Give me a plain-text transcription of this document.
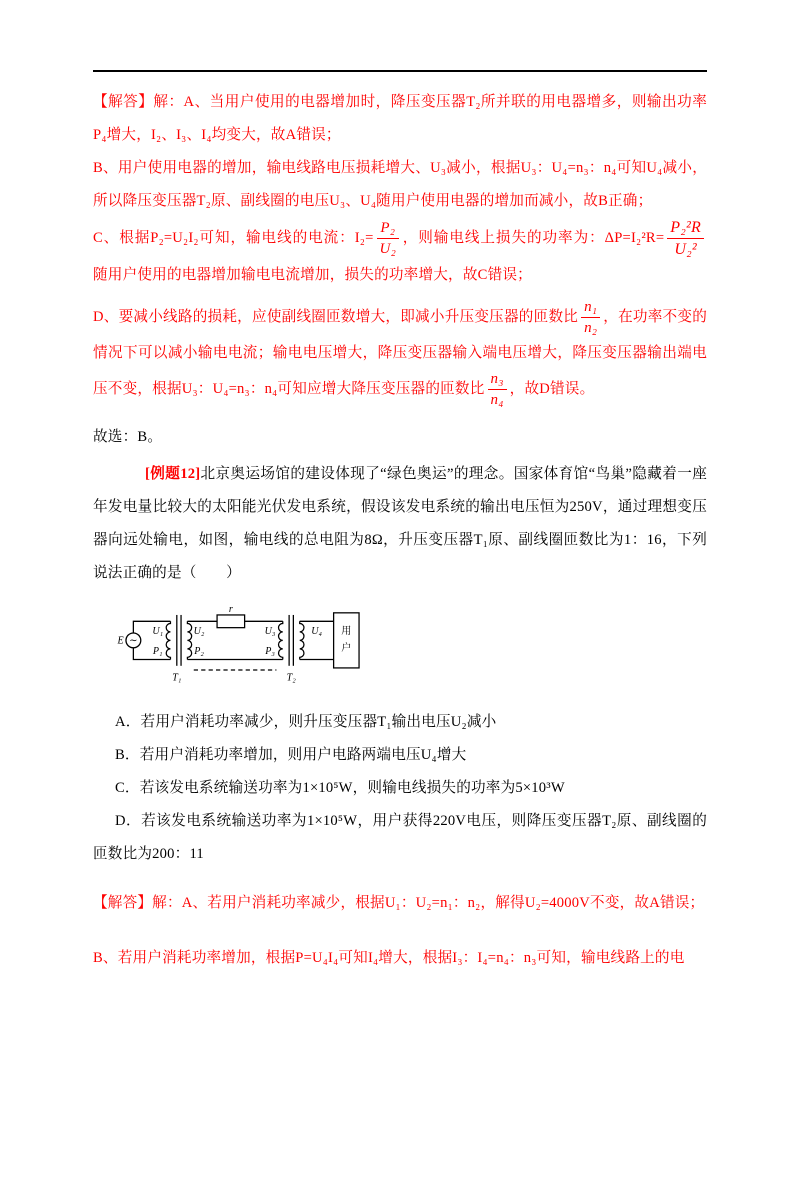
【解答】解：A、当用户使用的电器增加时，降压变压器T₂所并联的用电器增多，则输出功率P₄增大，I₂、I₃、I₄均变大，故A错误；

B、用户使用电器的增加，输电线路电压损耗增大、U₃减小，根据U₃：U₄=n₃：n₄可知U₄减小，所以降压变压器T₂原、副线圈的电压U₃、U₄随用户使用电器的增加而减小，故B正确；

C、根据P₂=U₂I₂可知，输电线的电流：$I_2= \frac{\text{P₂}}{\text{U₂}}$ ，则输电线上损失的功率为：$\Delta P=I_2^2R= \frac{\text{P₂²R}}{\text{U₂²}}$
　随用户使用的电器增加输电电流增加，损失的功率增大，故C错误；

D、要减小线路的损耗，应使副线圈匝数增大，即减小升压变压器的匝数比 $\frac{\text{n₁}}{\text{n₂}}$ ，在功率不变的情况下可以减小输电电流；输电电压增大，降压变压器输入端电压增大，降压变压器输出端电压不变，根据U₃：U₄=n₃：n₄可知应增大降压变压器的匝数比 $\frac{\text{n₃}}{\text{n₄}}$ ，故D错误。

故选：B。

[例题12]北京奥运场馆的建设体现了“绿色奥运”的理念。国家体育馆“鸟巢”隐藏着一座年发电量比较大的太阳能光伏发电系统，假设该发电系统的输出电压恒为250V，通过理想变压器向远处输电，如图，输电线的总电阻为8Ω，升压变压器T₁原、副线圈匝数比为1：16，下列说法正确的是（　　）

E ∼
U₁
P₁
U₂
P₂
r
U₃
P₃
U₄ 用
户
T₁	T₂

A．若用户消耗功率减少，则升压变压器T₁输出电压U₂减小

B．若用户消耗功率增加，则用户电路两端电压U₄增大

C．若该发电系统输送功率为1×10⁵W，则输电线损失的功率为5×10³W

D．若该发电系统输送功率为1×10⁵W，用户获得220V电压，则降压变压器T₂原、副线圈的匝数比为200：11

【解答】解：A、若用户消耗功率减少，根据U₁：U₂=n₁：n₂，解得U₂=4000V不变，故A错误；

B、若用户消耗功率增加，根据P=U₄I₄可知I₄增大，根据I₃：I₄=n₄：n₃可知，输电线路上的电
